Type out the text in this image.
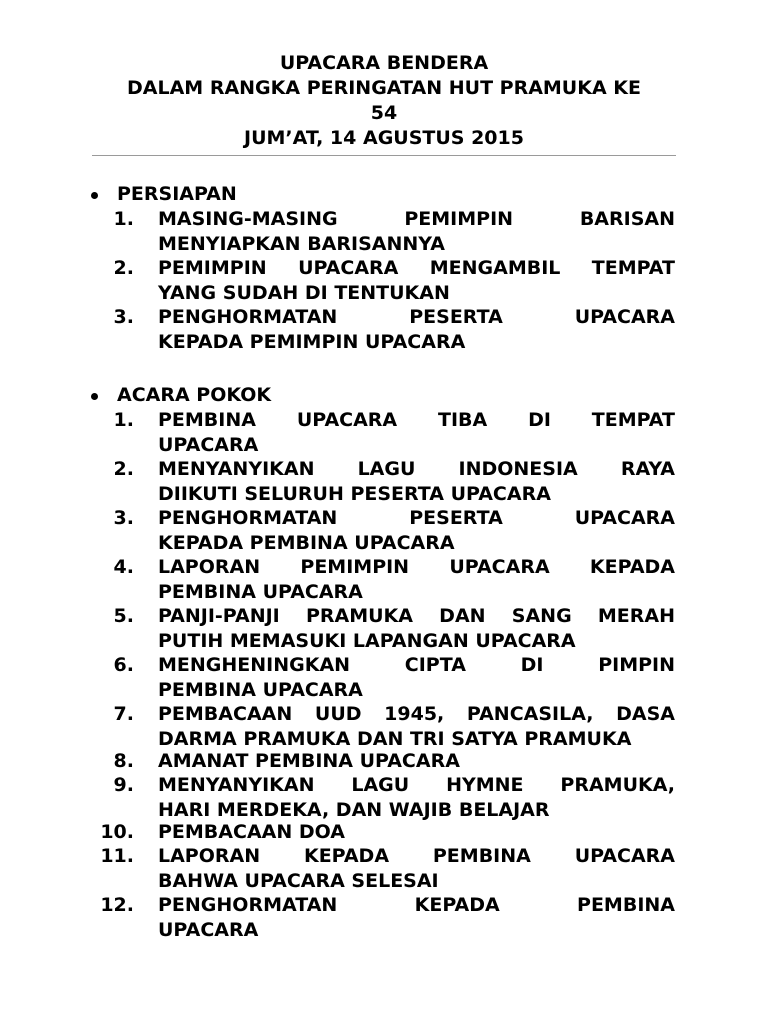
UPACARA BENDERA
DALAM RANGKA PERINGATAN HUT PRAMUKA KE
54
JUM’AT, 14 AGUSTUS 2015
PERSIAPAN
1. MASING-MASING PEMIMPIN BARISAN
MENYIAPKAN BARISANNYA
2. PEMIMPIN UPACARA MENGAMBIL TEMPAT
YANG SUDAH DI TENTUKAN
3. PENGHORMATAN PESERTA UPACARA
KEPADA PEMIMPIN UPACARA
ACARA POKOK
1. PEMBINA UPACARA TIBA DI TEMPAT
UPACARA
2. MENYANYIKAN LAGU INDONESIA RAYA
DIIKUTI SELURUH PESERTA UPACARA
3. PENGHORMATAN PESERTA UPACARA
KEPADA PEMBINA UPACARA
4. LAPORAN PEMIMPIN UPACARA KEPADA
PEMBINA UPACARA
5. PANJI-PANJI PRAMUKA DAN SANG MERAH
PUTIH MEMASUKI LAPANGAN UPACARA
6. MENGHENINGKAN CIPTA DI PIMPIN
PEMBINA UPACARA
7. PEMBACAAN UUD 1945, PANCASILA, DASA
DARMA PRAMUKA DAN TRI SATYA PRAMUKA
8. AMANAT PEMBINA UPACARA
9. MENYANYIKAN LAGU HYMNE PRAMUKA,
HARI MERDEKA, DAN WAJIB BELAJAR
10. PEMBACAAN DOA
11. LAPORAN KEPADA PEMBINA UPACARA
BAHWA UPACARA SELESAI
12. PENGHORMATAN KEPADA PEMBINA
UPACARA
